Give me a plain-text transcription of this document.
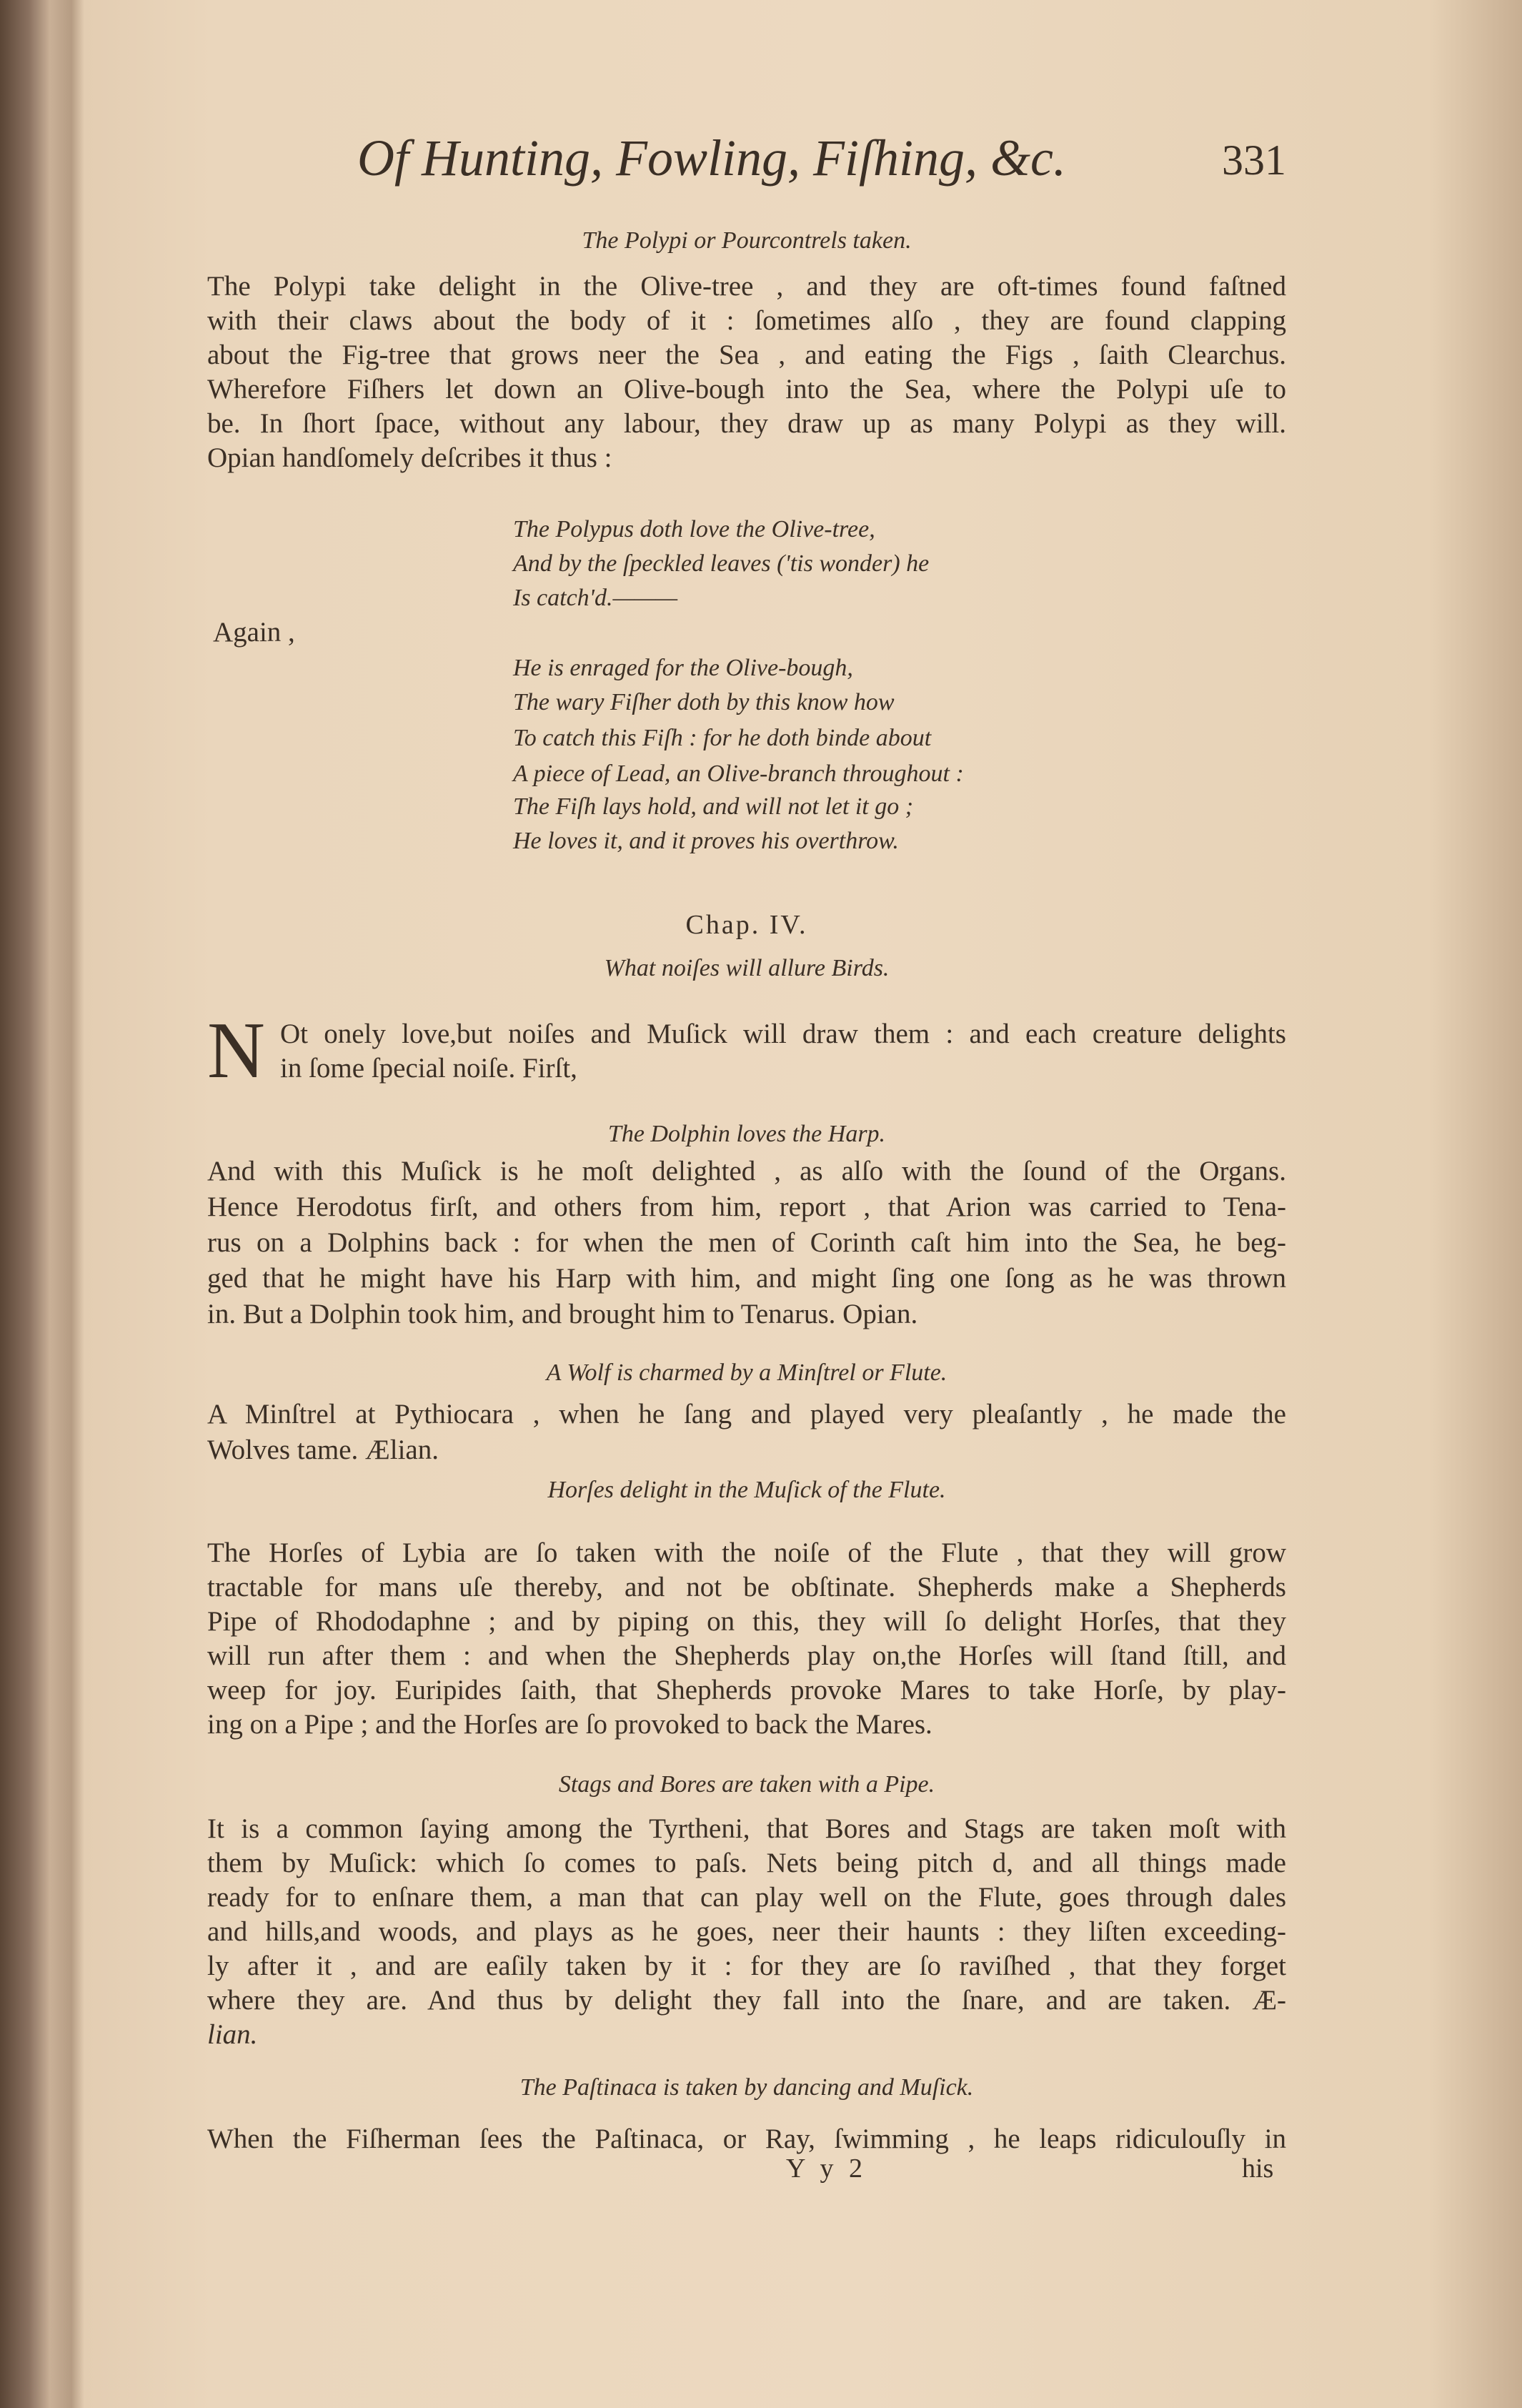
Of Hunting, Fowling, Fiſhing, &c.	331
The Polypi or Pourcontrels taken.
The Polypi take delight in the Olive-tree , and they are oft-times found faſtned
with their claws about the body of it : ſometimes alſo , they are found clapping
about the Fig-tree that grows neer the Sea , and eating the Figs , ſaith Clearchus.
Wherefore Fiſhers let down an Olive-bough into the Sea, where the Polypi uſe to
be. In ſhort ſpace, without any labour, they draw up as many Polypi as they will.
Opian handſomely deſcribes it thus :
The Polypus doth love the Olive-tree,
And by the ſpeckled leaves ('tis wonder) he
Is catch'd.———
Again ,
He is enraged for the Olive-bough,
The wary Fiſher doth by this know how
To catch this Fiſh : for he doth binde about
A piece of Lead, an Olive-branch throughout :
The Fiſh lays hold, and will not let it go ;
He loves it, and it proves his overthrow.
Chap. IV.
What noiſes will allure Birds.
N Ot onely love,but noiſes and Muſick will draw them : and each creature delights
in ſome ſpecial noiſe. Firſt,
The Dolphin loves the Harp.
And with this Muſick is he moſt delighted , as alſo with the ſound of the Organs.
Hence Herodotus firſt, and others from him, report , that Arion was carried to Tena-
rus on a Dolphins back : for when the men of Corinth caſt him into the Sea, he beg-
ged that he might have his Harp with him, and might ſing one ſong as he was thrown
in. But a Dolphin took him, and brought him to Tenarus. Opian.
A Wolf is charmed by a Minſtrel or Flute.
A Minſtrel at Pythiocara , when he ſang and played very pleaſantly , he made the
Wolves tame. Ælian.
Horſes delight in the Muſick of the Flute.
The Horſes of Lybia are ſo taken with the noiſe of the Flute , that they will grow
tractable for mans uſe thereby, and not be obſtinate. Shepherds make a Shepherds
Pipe of Rhododaphne ; and by piping on this, they will ſo delight Horſes, that they
will run after them : and when the Shepherds play on,the Horſes will ſtand ſtill, and
weep for joy. Euripides ſaith, that Shepherds provoke Mares to take Horſe, by play-
ing on a Pipe ; and the Horſes are ſo provoked to back the Mares.
Stags and Bores are taken with a Pipe.
It is a common ſaying among the Tyrtheni, that Bores and Stags are taken moſt with
them by Muſick: which ſo comes to paſs. Nets being pitch d, and all things made
ready for to enſnare them, a man that can play well on the Flute, goes through dales
and hills,and woods, and plays as he goes, neer their haunts : they liſten exceeding-
ly after it , and are eaſily taken by it : for they are ſo raviſhed , that they forget
where they are. And thus by delight they fall into the ſnare, and are taken. Æ-
lian.
The Paſtinaca is taken by dancing and Muſick.
When the Fiſherman ſees the Paſtinaca, or Ray, ſwimming , he leaps ridiculouſly in
Y y 2	his
